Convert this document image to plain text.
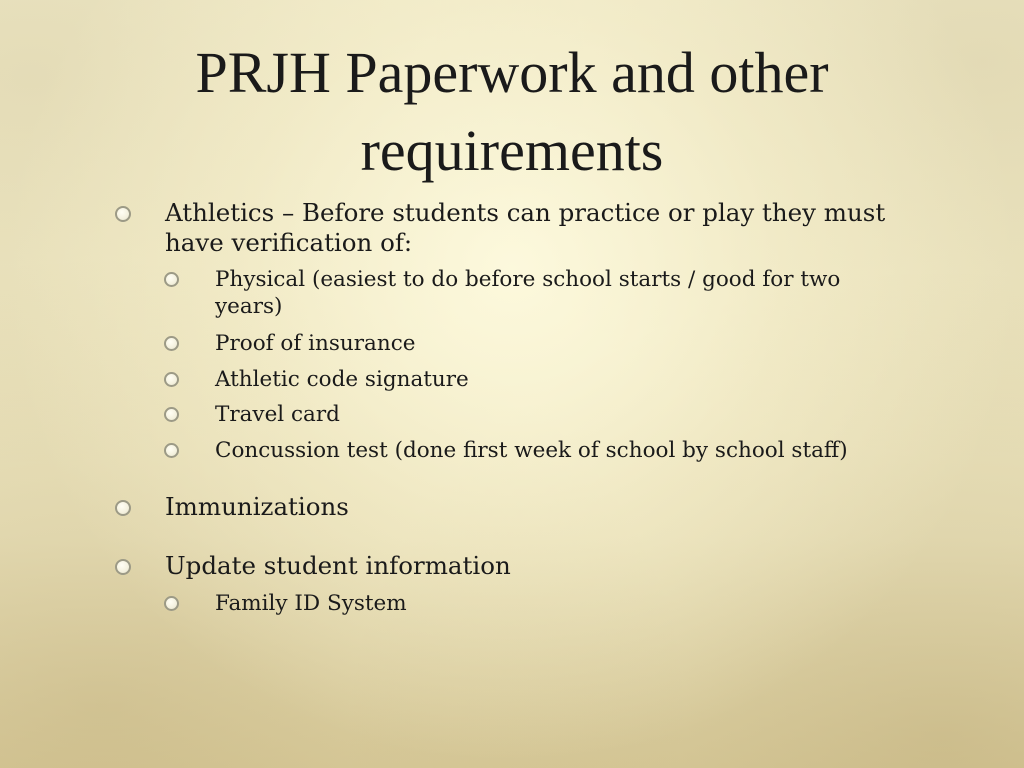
PRJH Paperwork and other requirements
Athletics – Before students can practice or play they must have verification of:
Physical (easiest to do before school starts / good for two years)
Proof of insurance
Athletic code signature
Travel card
Concussion test (done first week of school by school staff)
Immunizations
Update student information
Family ID System
